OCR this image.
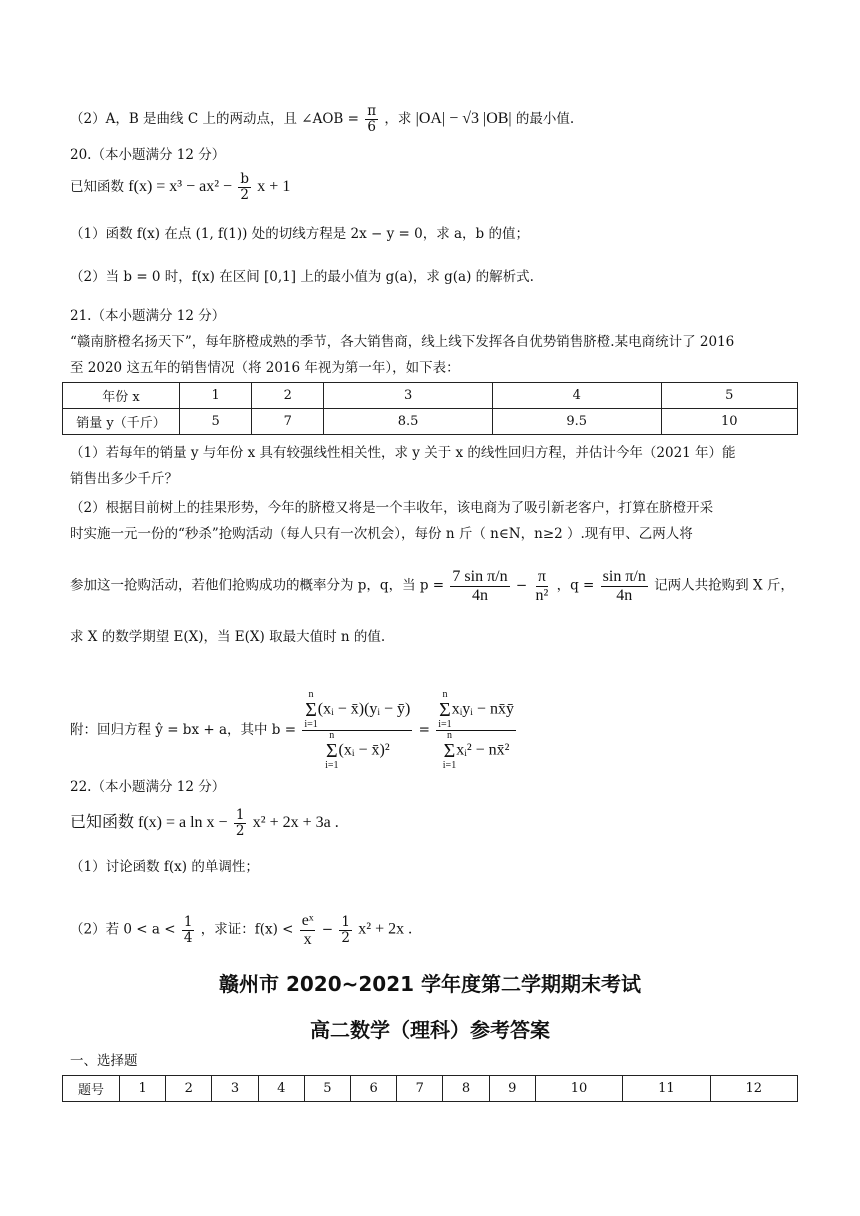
（2）A，B 是曲线 C 上的两动点，且 ∠AOB = $\frac{\pi}{6}$ ，求 |OA| − √3 |OB| 的最小值.
20.（本小题满分 12 分）
已知函数 $f(x) = x^3 - ax^2 - \frac{b}{2}$ x + 1
（1）函数 f(x) 在点 (1, f(1)) 处的切线方程是 2x − y = 0，求 a，b 的值；
（2）当 b = 0 时，f(x) 在区间 [0,1] 上的最小值为 g(a)，求 g(a) 的解析式.
21.（本小题满分 12 分）
“赣南脐橙名扬天下”，每年脐橙成熟的季节，各大销售商，线上线下发挥各自优势销售脐橙.某电商统计了 2016
至 2020 这五年的销售情况（将 2016 年视为第一年），如下表：
年份 x	1	2	3	4	5
销量 y（千斤）	5	7	8.5	9.5	10
（1）若每年的销量 y 与年份 x 具有较强线性相关性，求 y 关于 x 的线性回归方程，并估计今年（2021 年）能
销售出多少千斤？
（2）根据目前树上的挂果形势，今年的脐橙又将是一个丰收年，该电商为了吸引新老客户，打算在脐橙开采
时实施一元一份的“秒杀”抢购活动（每人只有一次机会），每份 n 斤（ n∈N，n≥2 ）.现有甲、乙两人将
参加这一抢购活动，若他们抢购成功的概率分为 p，q，当 $p = \frac{\text{7 sin π/n}}{4n} - \frac{\pi}{\text{n²}}$ ，$q = \frac{\text{sin π/n}}{4n}$ 记两人共抢购到 X 斤，
求 X 的数学期望 E(X)，当 E(X) 取最大值时 n 的值.
附：回归方程 ŷ = bx + a，其中 b = n
Σ
i=1
(xᵢ − x̄)(yᵢ − ȳ)
n
Σ
i=1
(xᵢ − x̄)² = n
Σ
i=1
xᵢyᵢ − nx̄ȳ
n
Σ
i=1
xᵢ² − nx̄²
22.（本小题满分 12 分）
已知函数 f(x) = a $\ln x - \frac{1}{2} x^2 + 2x + 3a$ .
（1）讨论函数 f(x) 的单调性；
（2）若 $0 < a < \frac{1}{4}$ ，求证：$f(x) < \frac{\text{eˣ}}{x} - \frac{1}{2} x^2 + 2x$ .
赣州市 2020~2021 学年度第二学期期末考试
高二数学（理科）参考答案
一、选择题
题号	1	2	3	4	5	6	7	8	9	10	11	12
